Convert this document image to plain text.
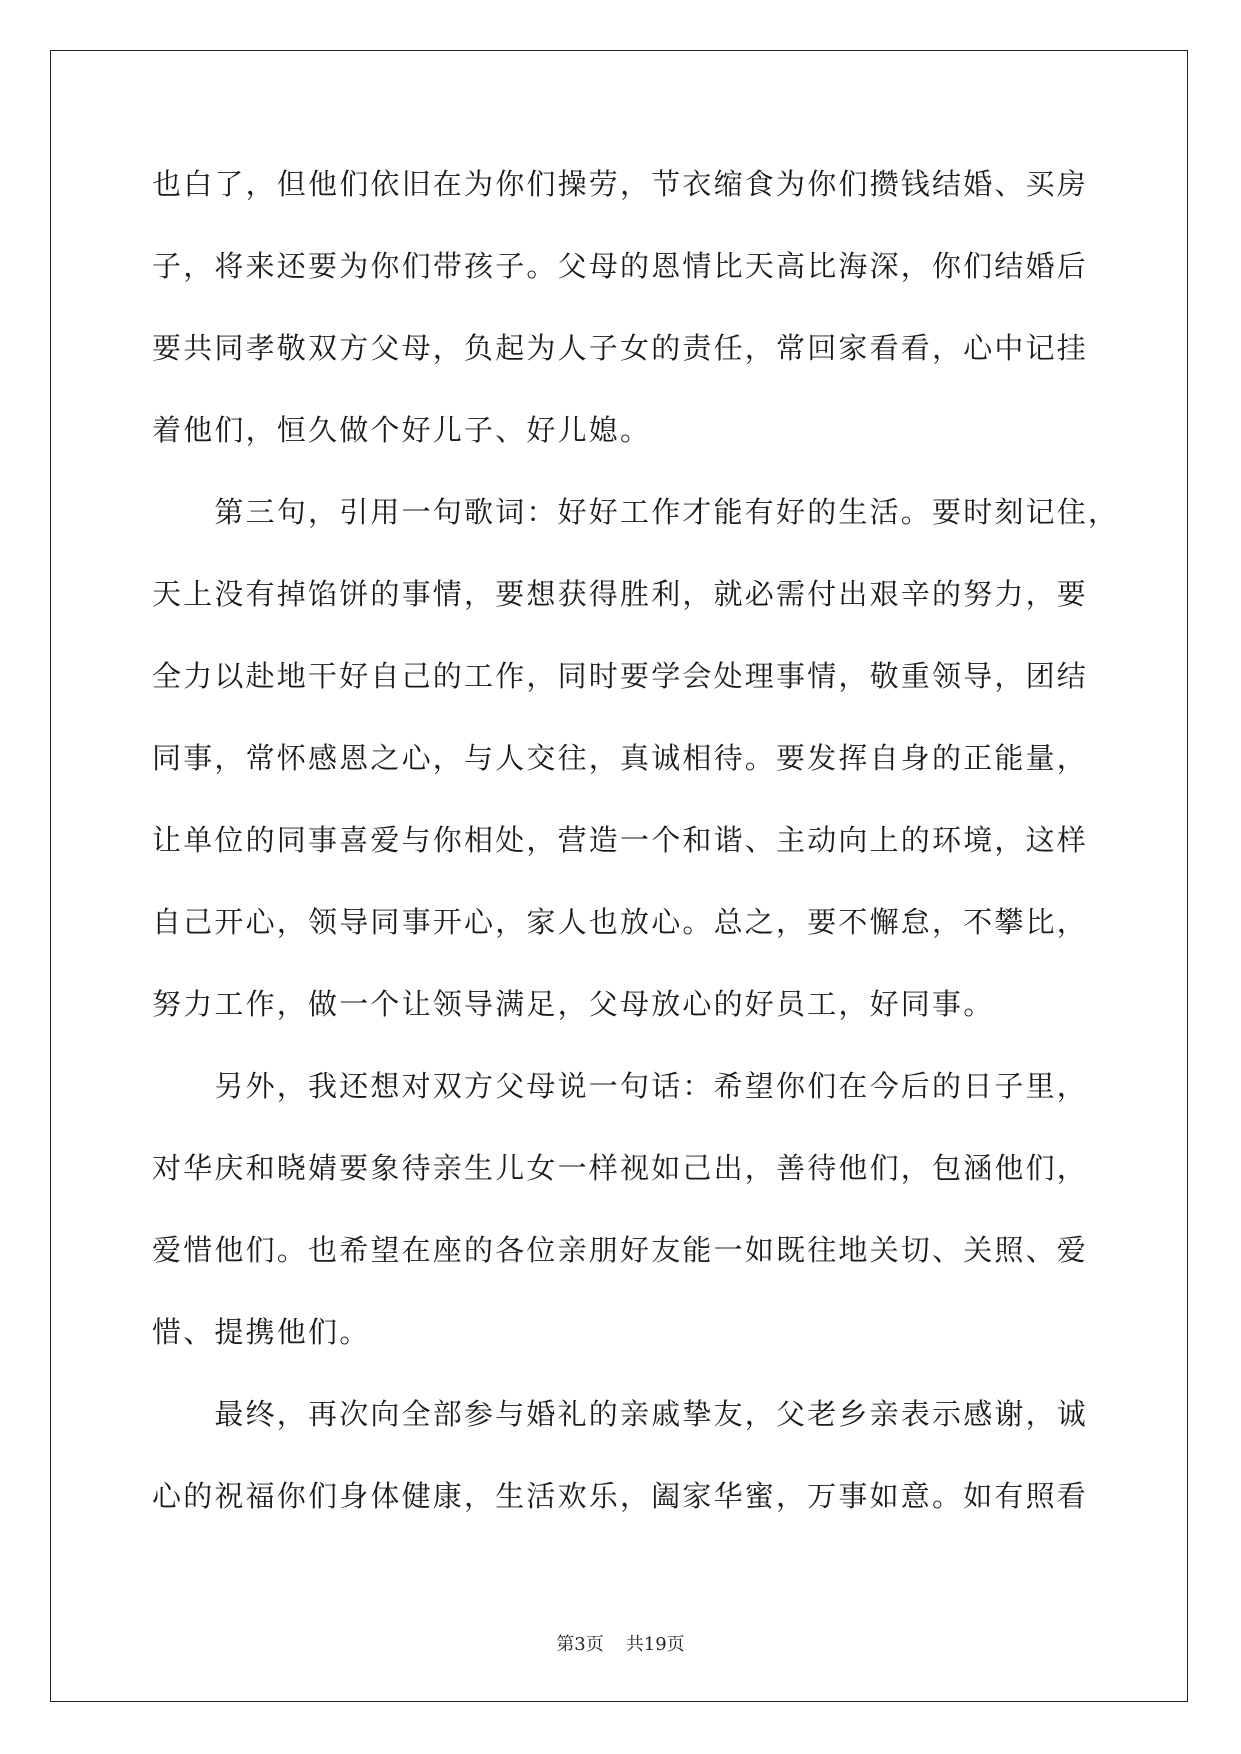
也白了，但他们依旧在为你们操劳，节衣缩食为你们攒钱结婚、买房
子，将来还要为你们带孩子。父母的恩情比天高比海深，你们结婚后
要共同孝敬双方父母，负起为人子女的责任，常回家看看，心中记挂
着他们，恒久做个好儿子、好儿媳。
　　第三句，引用一句歌词：好好工作才能有好的生活。要时刻记住，
天上没有掉馅饼的事情，要想获得胜利，就必需付出艰辛的努力，要
全力以赴地干好自己的工作，同时要学会处理事情，敬重领导，团结
同事，常怀感恩之心，与人交往，真诚相待。要发挥自身的正能量，
让单位的同事喜爱与你相处，营造一个和谐、主动向上的环境，这样
自己开心，领导同事开心，家人也放心。总之，要不懈怠，不攀比，
努力工作，做一个让领导满足，父母放心的好员工，好同事。
　　另外，我还想对双方父母说一句话：希望你们在今后的日子里，
对华庆和晓婧要象待亲生儿女一样视如己出，善待他们，包涵他们，
爱惜他们。也希望在座的各位亲朋好友能一如既往地关切、关照、爱
惜、提携他们。
　　最终，再次向全部参与婚礼的亲戚挚友，父老乡亲表示感谢，诚
心的祝福你们身体健康，生活欢乐，阖家华蜜，万事如意。如有照看
第3页 共19页
